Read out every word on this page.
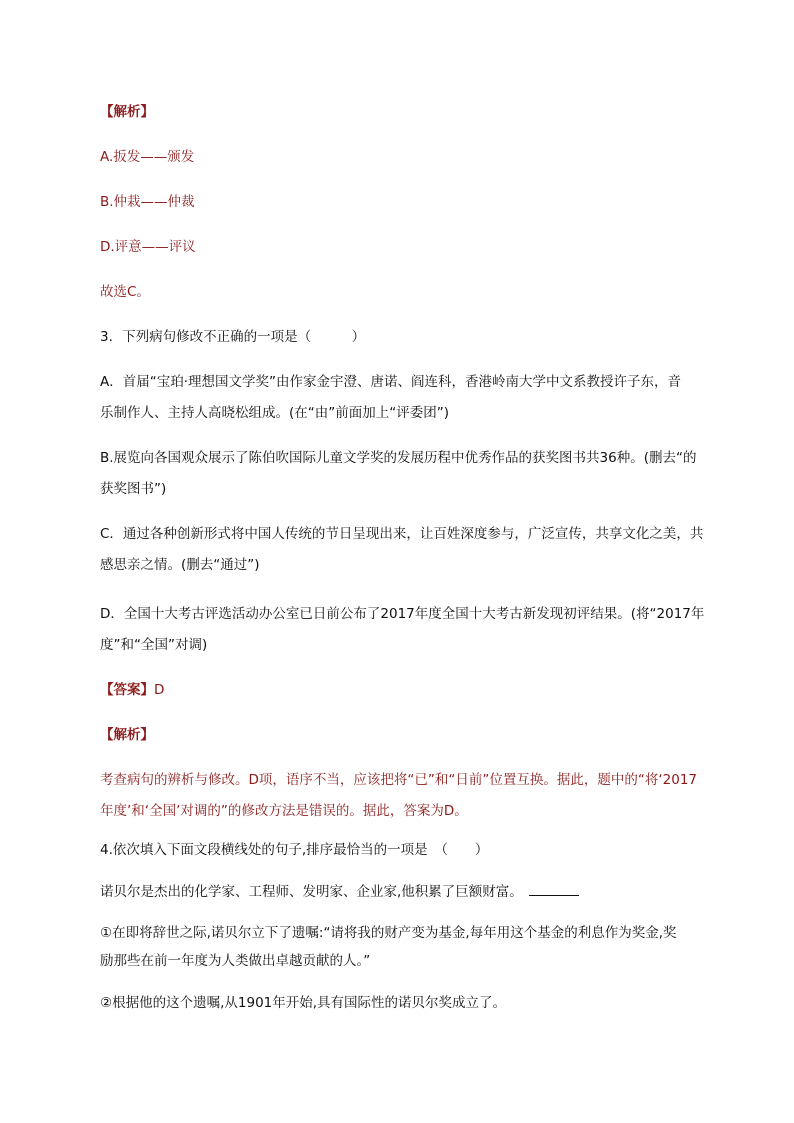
【解析】
A.扳发——颁发
B.仲栽——仲裁
D.评意——评议
故选C。
3．下列病句修改不正确的一项是（　　　）
A．首届“宝珀·理想国文学奖”由作家金宇澄、唐诺、阎连科，香港岭南大学中文系教授许子东，音
乐制作人、主持人高晓松组成。(在“由”前面加上“评委团”)
B.展览向各国观众展示了陈伯吹国际儿童文学奖的发展历程中优秀作品的获奖图书共36种。(删去“的
获奖图书”)
C．通过各种创新形式将中国人传统的节日呈现出来，让百姓深度参与，广泛宣传，共享文化之美，共
感思亲之情。(删去“通过”)
D．全国十大考古评选活动办公室已日前公布了2017年度全国十大考古新发现初评结果。(将“2017年
度”和“全国”对调)
【答案】D
【解析】
考查病句的辨析与修改。D项，语序不当，应该把将“已”和“日前”位置互换。据此，题中的“将‘2017
年度’和‘全国’对调的”的修改方法是错误的。据此，答案为D。
4.依次填入下面文段横线处的句子,排序最恰当的一项是　（　　）
诺贝尔是杰出的化学家、工程师、发明家、企业家,他积累了巨额财富。
①在即将辞世之际,诺贝尔立下了遗嘱:“请将我的财产变为基金,每年用这个基金的利息作为奖金,奖
励那些在前一年度为人类做出卓越贡献的人。”
②根据他的这个遗嘱,从1901年开始,具有国际性的诺贝尔奖成立了。
